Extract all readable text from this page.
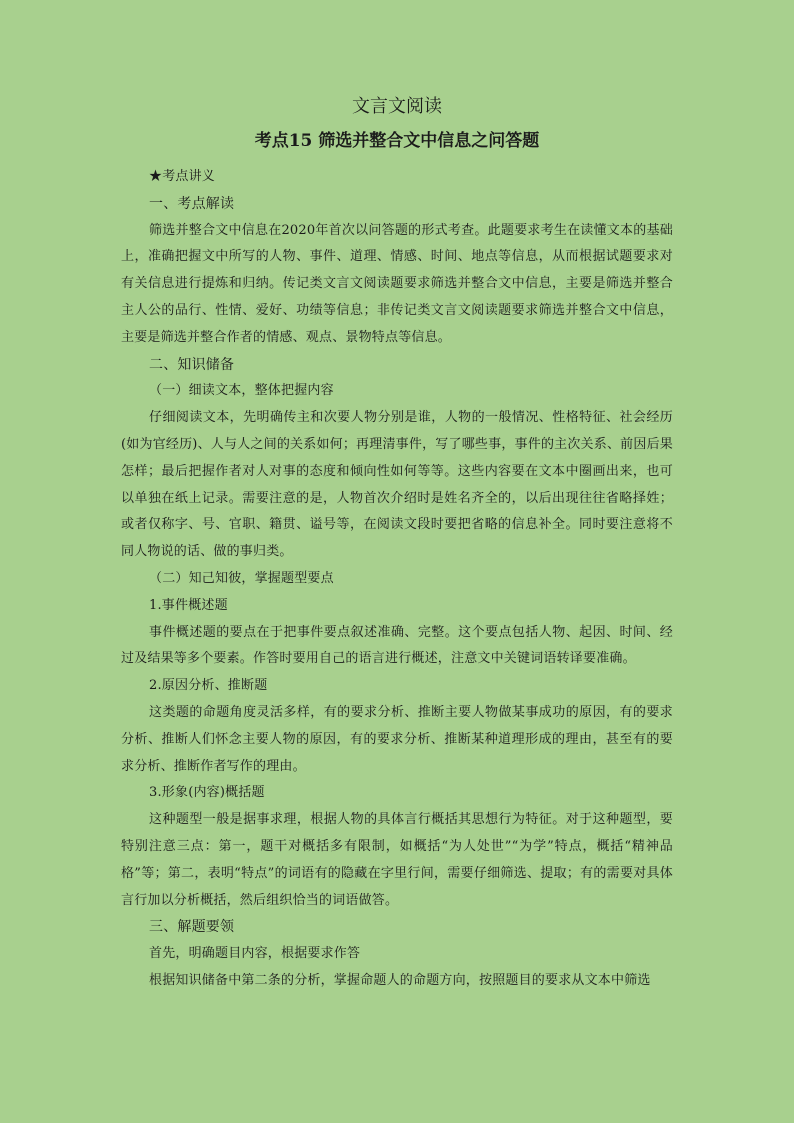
文言文阅读
考点15 筛选并整合文中信息之问答题

★考点讲义

一、考点解读

筛选并整合文中信息在2020年首次以问答题的形式考查。此题要求考生在读懂文本的基础上，准确把握文中所写的人物、事件、道理、情感、时间、地点等信息，从而根据试题要求对有关信息进行提炼和归纳。传记类文言文阅读题要求筛选并整合文中信息，主要是筛选并整合主人公的品行、性情、爱好、功绩等信息；非传记类文言文阅读题要求筛选并整合文中信息，主要是筛选并整合作者的情感、观点、景物特点等信息。

二、知识储备

（一）细读文本，整体把握内容

仔细阅读文本，先明确传主和次要人物分别是谁，人物的一般情况、性格特征、社会经历(如为官经历)、人与人之间的关系如何；再理清事件，写了哪些事，事件的主次关系、前因后果怎样；最后把握作者对人对事的态度和倾向性如何等等。这些内容要在文本中圈画出来，也可以单独在纸上记录。需要注意的是，人物首次介绍时是姓名齐全的，以后出现往往省略择姓；或者仅称字、号、官职、籍贯、谥号等，在阅读文段时要把省略的信息补全。同时要注意将不同人物说的话、做的事归类。

（二）知己知彼，掌握题型要点

1.事件概述题

事件概述题的要点在于把事件要点叙述准确、完整。这个要点包括人物、起因、时间、经过及结果等多个要素。作答时要用自己的语言进行概述，注意文中关键词语转译要准确。

2.原因分析、推断题

这类题的命题角度灵活多样，有的要求分析、推断主要人物做某事成功的原因，有的要求分析、推断人们怀念主要人物的原因，有的要求分析、推断某种道理形成的理由，甚至有的要求分析、推断作者写作的理由。

3.形象(内容)概括题

这种题型一般是据事求理，根据人物的具体言行概括其思想行为特征。对于这种题型，要特别注意三点：第一，题干对概括多有限制，如概括“为人处世”“为学”特点，概括“精神品格”等；第二，表明“特点”的词语有的隐藏在字里行间，需要仔细筛选、提取；有的需要对具体言行加以分析概括，然后组织恰当的词语做答。

三、解题要领

首先，明确题目内容，根据要求作答

根据知识储备中第二条的分析，掌握命题人的命题方向，按照题目的要求从文本中筛选
